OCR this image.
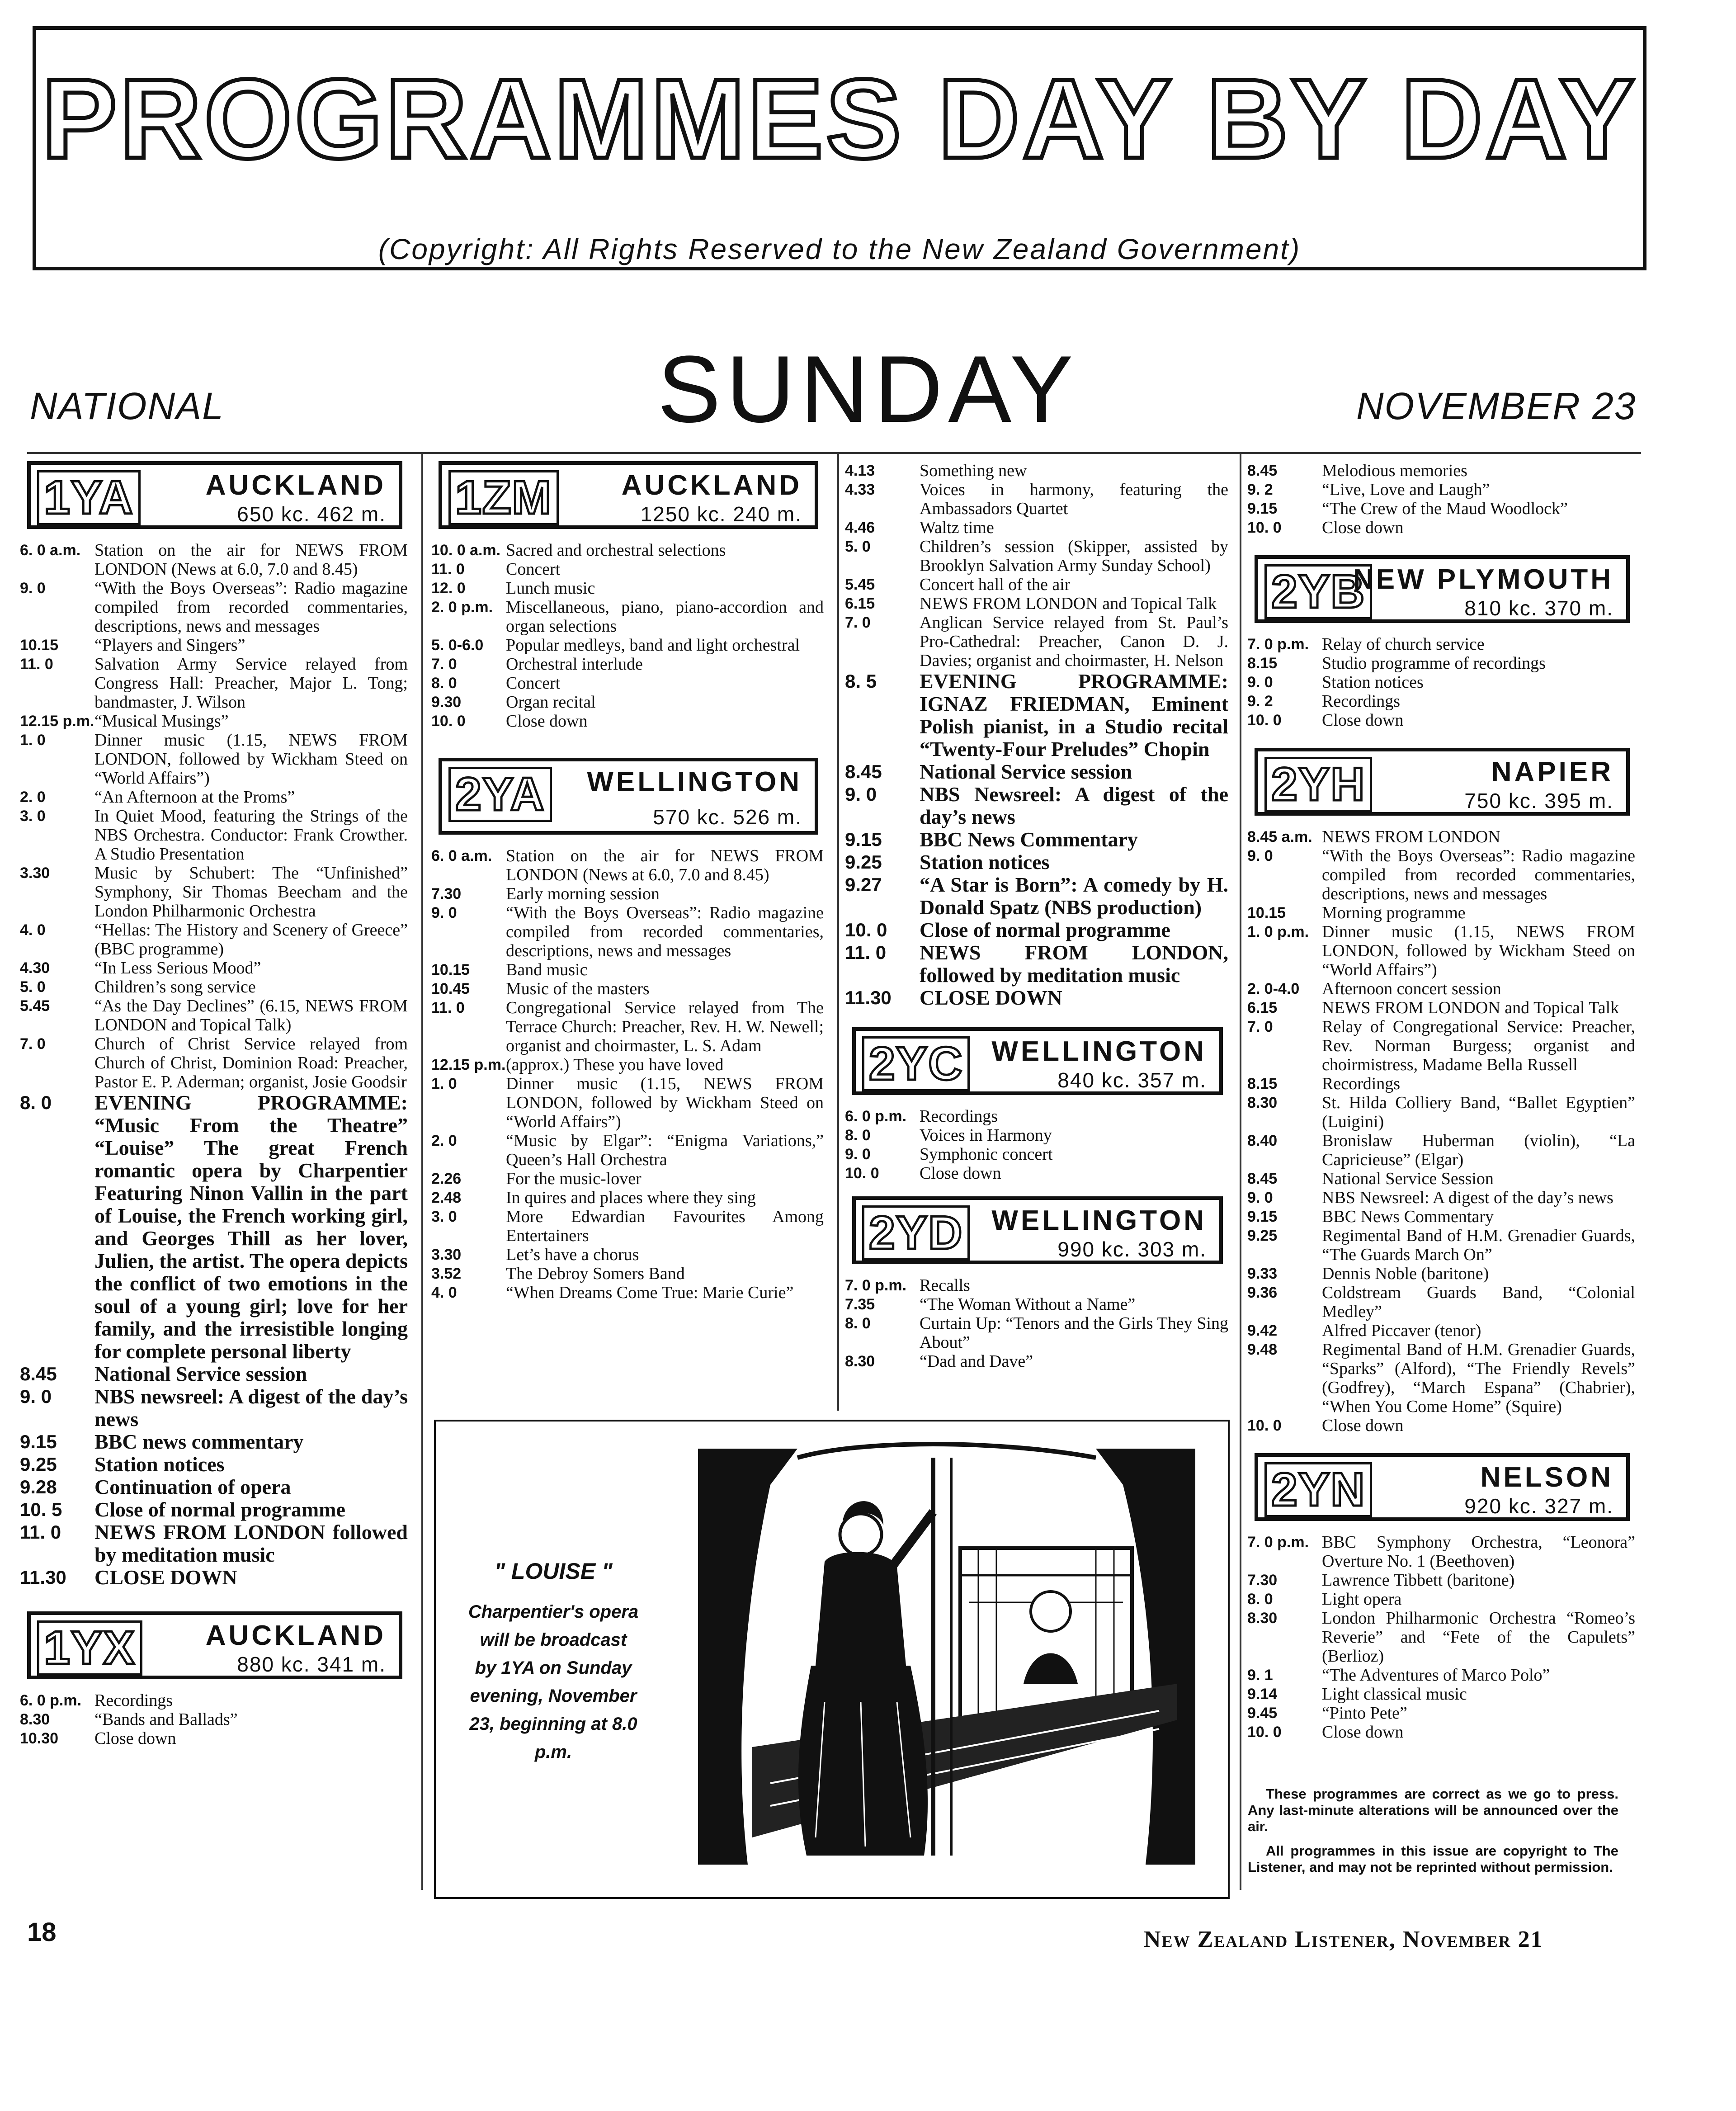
PROGRAMMES DAY BY DAY
(Copyright: All Rights Reserved to the New Zealand Government)
NATIONAL	SUNDAY	NOVEMBER 23
1YA	AUCKLAND
650 kc. 462 m.
6. 0 a.m. Station on the air for NEWS FROM LONDON (News at 6.0, 7.0 and 8.45)
9. 0	“With the Boys Overseas”: Radio magazine compiled from recorded commentaries, descriptions, news and messages
10.15	“Players and Singers”
11. 0	Salvation Army Service relayed from Congress Hall: Preacher, Major L. Tong; bandmaster, J. Wilson
12.15 p.m. “Musical Musings”
1. 0	Dinner music (1.15, NEWS FROM LONDON, followed by Wickham Steed on “World Affairs”)
2. 0	“An Afternoon at the Proms”
3. 0	In Quiet Mood, featuring the Strings of the NBS Orchestra. Conductor: Frank Crowther. A Studio Presentation
3.30	Music by Schubert: The “Unfinished” Symphony, Sir Thomas Beecham and the London Philharmonic Orchestra
4. 0	“Hellas: The History and Scenery of Greece” (BBC programme)
4.30	“In Less Serious Mood”
5. 0	Children’s song service
5.45	“As the Day Declines” (6.15, NEWS FROM LONDON and Topical Talk)
7. 0	Church of Christ Service relayed from Church of Christ, Dominion Road: Preacher, Pastor E. P. Aderman; organist, Josie Goodsir
8. 0	EVENING PROGRAMME: “Music From the Theatre” “Louise” The great French romantic opera by Charpentier Featuring Ninon Vallin in the part of Louise, the French working girl, and Georges Thill as her lover, Julien, the artist. The opera depicts the conflict of two emotions in the soul of a young girl; love for her family, and the irresistible longing for complete personal liberty
8.45	National Service session
9. 0	NBS newsreel: A digest of the day’s news
9.15	BBC news commentary
9.25	Station notices
9.28	Continuation of opera
10. 5	Close of normal programme
11. 0	NEWS FROM LONDON followed by meditation music
11.30	CLOSE DOWN
1YX	AUCKLAND
880 kc. 341 m.
6. 0 p.m. Recordings
8.30	“Bands and Ballads”
10.30	Close down
1ZM AUCKLAND
1250 kc. 240 m.
10. 0 a.m. Sacred and orchestral selections
11. 0	Concert
12. 0	Lunch music
2. 0 p.m. Miscellaneous, piano, piano-accordion and organ selections
5. 0-6.0	Popular medleys, band and light orchestral
7. 0	Orchestral interlude
8. 0	Concert
9.30	Organ recital
10. 0	Close down
2YA WELLINGTON
570 kc. 526 m.
6. 0 a.m. Station on the air for NEWS FROM LONDON (News at 6.0, 7.0 and 8.45)
7.30	Early morning session
9. 0	“With the Boys Overseas”: Radio magazine compiled from recorded commentaries, descriptions, news and messages
10.15	Band music
10.45	Music of the masters
11. 0	Congregational Service relayed from The Terrace Church: Preacher, Rev. H. W. Newell; organist and choirmaster, L. S. Adam
12.15 p.m. (approx.) These you have loved
1. 0	Dinner music (1.15, NEWS FROM LONDON, followed by Wickham Steed on “World Affairs”)
2. 0	“Music by Elgar”: “Enigma Variations,” Queen’s Hall Orchestra
2.26	For the music-lover
2.48	In quires and places where they sing
3. 0	More Edwardian Favourites Among Entertainers
3.30	Let’s have a chorus
3.52	The Debroy Somers Band
4. 0	“When Dreams Come True: Marie Curie”
4.13	Something new
4.33	Voices in harmony, featuring the Ambassadors Quartet
4.46	Waltz time
5. 0	Children’s session (Skipper, assisted by Brooklyn Salvation Army Sunday School)
5.45	Concert hall of the air
6.15	NEWS FROM LONDON and Topical Talk
7. 0	Anglican Service relayed from St. Paul’s Pro-Cathedral: Preacher, Canon D. J. Davies; organist and choirmaster, H. Nelson
8. 5	EVENING PROGRAMME: IGNAZ FRIEDMAN, Eminent Polish pianist, in a Studio recital “Twenty-Four Preludes” Chopin
8.45	National Service session
9. 0	NBS Newsreel: A digest of the day’s news
9.15	BBC News Commentary
9.25	Station notices
9.27	“A Star is Born”: A comedy by H. Donald Spatz (NBS production)
10. 0	Close of normal programme
11. 0	NEWS FROM LONDON, followed by meditation music
11.30	CLOSE DOWN
2YC WELLINGTON
840 kc. 357 m.
6. 0 p.m. Recordings
8. 0	Voices in Harmony
9. 0	Symphonic concert
10. 0	Close down
2YD WELLINGTON
990 kc. 303 m.
7. 0 p.m. Recalls
7.35	“The Woman Without a Name”
8. 0	Curtain Up: “Tenors and the Girls They Sing About”
8.30	“Dad and Dave”
8.45	Melodious memories
9. 2	“Live, Love and Laugh”
9.15	“The Crew of the Maud Woodlock”
10. 0	Close down
2YB
NEW PLYMOUTH
810 kc. 370 m.
7. 0 p.m. Relay of church service
8.15	Studio programme of recordings
9. 0	Station notices
9. 2	Recordings
10. 0	Close down
2YH	NAPIER
750 kc. 395 m.
8.45 a.m. NEWS FROM LONDON
9. 0	“With the Boys Overseas”: Radio magazine compiled from recorded commentaries, descriptions, news and messages
10.15	Morning programme
1. 0 p.m. Dinner music (1.15, NEWS FROM LONDON, followed by Wickham Steed on “World Affairs”)
2. 0-4.0	Afternoon concert session
6.15	NEWS FROM LONDON and Topical Talk
7. 0	Relay of Congregational Service: Preacher, Rev. Norman Burgess; organist and choirmistress, Madame Bella Russell
8.15	Recordings
8.30	St. Hilda Colliery Band, “Ballet Egyptien” (Luigini)
8.40	Bronislaw Huberman (violin), “La Capricieuse” (Elgar)
8.45	National Service Session
9. 0	NBS Newsreel: A digest of the day’s news
9.15	BBC News Commentary
9.25	Regimental Band of H.M. Grenadier Guards, “The Guards March On”
9.33	Dennis Noble (baritone)
9.36	Coldstream Guards Band, “Colonial Medley”
9.42	Alfred Piccaver (tenor)
9.48	Regimental Band of H.M. Grenadier Guards, “Sparks” (Alford), “The Friendly Revels” (Godfrey), “March Espana” (Chabrier), “When You Come Home” (Squire)
10. 0	Close down
2YN	NELSON
920 kc. 327 m.
7. 0 p.m. BBC Symphony Orchestra, “Leonora” Overture No. 1 (Beethoven)
7.30	Lawrence Tibbett (baritone)
8. 0	Light opera
8.30	London Philharmonic Orchestra “Romeo’s Reverie” and “Fete of the Capulets” (Berlioz)
9. 1	“The Adventures of Marco Polo”
9.14	Light classical music
9.45	“Pinto Pete”
10. 0	Close down
" LOUISE "
Charpentier's opera will be broadcast by 1YA on Sunday evening, November 23, beginning at 8.0 p.m.

These programmes are correct as we go to press. Any last-minute alterations will be announced over the air.

All programmes in this issue are copyright to The Listener, and may not be reprinted without permission.

18	New Zealand Listener, November 21
